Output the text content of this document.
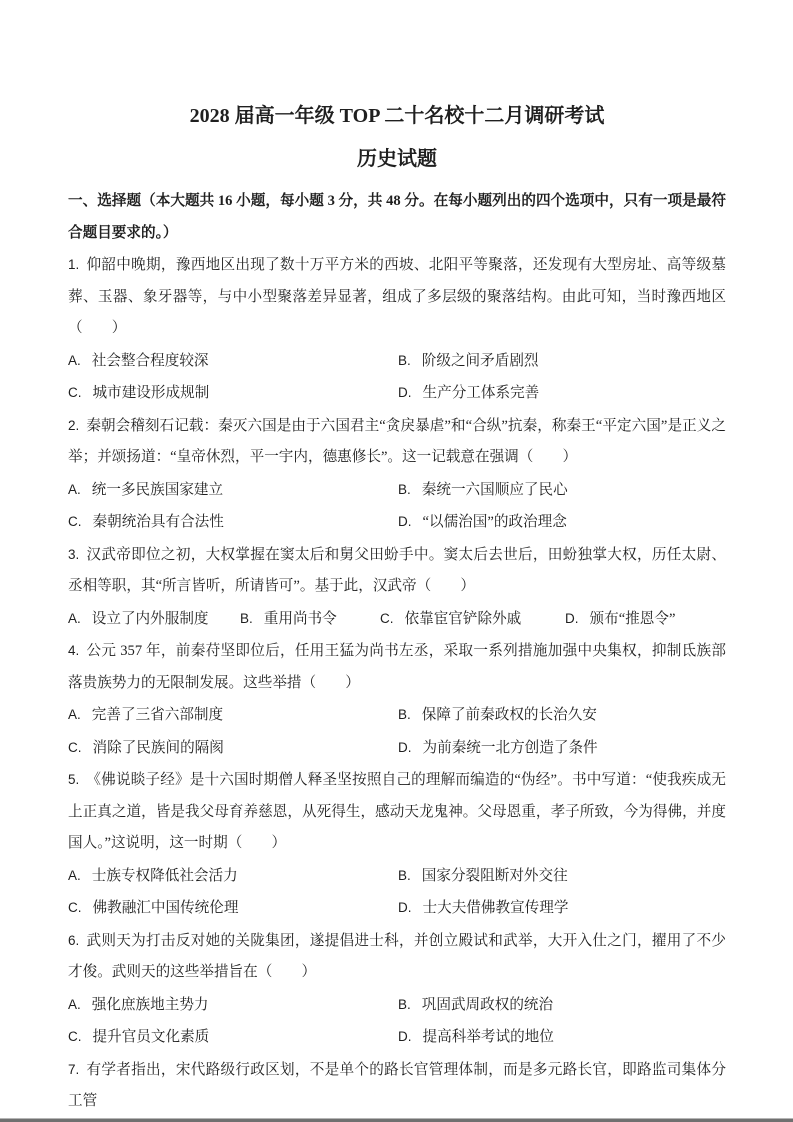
2028 届高一年级 TOP 二十名校十二月调研考试
历史试题

一、选择题（本大题共 16 小题，每小题 3 分，共 48 分。在每小题列出的四个选项中，只有一项是最符合题目要求的。）

1. 仰韶中晚期，豫西地区出现了数十万平方米的西坡、北阳平等聚落，还发现有大型房址、高等级墓葬、玉器、象牙器等，与中小型聚落差异显著，组成了多层级的聚落结构。由此可知，当时豫西地区（　　）

A. 社会整合程度较深	B. 阶级之间矛盾剧烈
C. 城市建设形成规制	D. 生产分工体系完善

2. 秦朝会稽刻石记载：秦灭六国是由于六国君主“贪戾暴虐”和“合纵”抗秦，称秦王“平定六国”是正义之举；并颂扬道：“皇帝休烈，平一宇内，德惠修长”。这一记载意在强调（　　）

A. 统一多民族国家建立	B. 秦统一六国顺应了民心
C. 秦朝统治具有合法性	D. “以儒治国”的政治理念

3. 汉武帝即位之初，大权掌握在窦太后和舅父田蚡手中。窦太后去世后，田蚡独掌大权，历任太尉、丞相等职，其“所言皆听，所请皆可”。基于此，汉武帝（　　）

A. 设立了内外服制度	B. 重用尚书令	C. 依靠宦官铲除外戚	D. 颁布“推恩令”

4. 公元 357 年，前秦苻坚即位后，任用王猛为尚书左丞，采取一系列措施加强中央集权，抑制氐族部落贵族势力的无限制发展。这些举措（　　）

A. 完善了三省六部制度	B. 保障了前秦政权的长治久安
C. 消除了民族间的隔阂	D. 为前秦统一北方创造了条件

5. 《佛说睒子经》是十六国时期僧人释圣坚按照自己的理解而编造的“伪经”。书中写道：“使我疾成无上正真之道，皆是我父母育养慈恩，从死得生，感动天龙鬼神。父母恩重，孝子所致，今为得佛，并度国人。”这说明，这一时期（　　）

A. 士族专权降低社会活力	B. 国家分裂阻断对外交往
C. 佛教融汇中国传统伦理	D. 士大夫借佛教宣传理学

6. 武则天为打击反对她的关陇集团，遂提倡进士科，并创立殿试和武举，大开入仕之门，擢用了不少才俊。武则天的这些举措旨在（　　）

A. 强化庶族地主势力	B. 巩固武周政权的统治
C. 提升官员文化素质	D. 提高科举考试的地位

7. 有学者指出，宋代路级行政区划，不是单个的路长官管理体制，而是多元路长官，即路监司集体分工管
